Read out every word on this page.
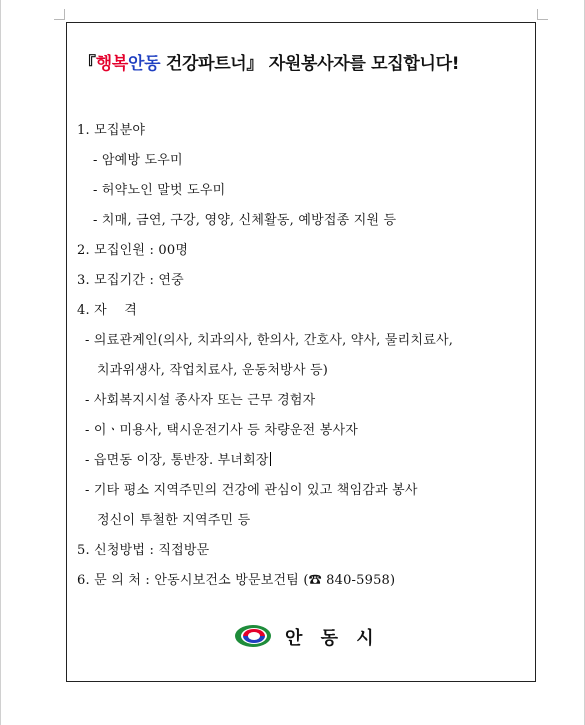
『행복안동 건강파트너』 자원봉사자를 모집합니다!
1. 모집분야
- 암예방 도우미
- 허약노인 말벗 도우미
- 치매, 금연, 구강, 영양, 신체활동, 예방접종 지원 등
2. 모집인원 : 00명
3. 모집기간 : 연중
4. 자    격
- 의료관계인(의사, 치과의사, 한의사, 간호사, 약사, 물리치료사,
치과위생사, 작업치료사, 운동처방사 등)
- 사회복지시설 종사자 또는 근무 경험자
- 이ㆍ미용사, 택시운전기사 등 차량운전 봉사자
- 읍면동 이장, 통반장. 부녀회장
- 기타 평소 지역주민의 건강에 관심이 있고 책임감과 봉사
정신이 투철한 지역주민 등
5. 신청방법 : 직접방문
6. 문 의 처 : 안동시보건소 방문보건팀 (☎ 840-5958)
안 동 시
